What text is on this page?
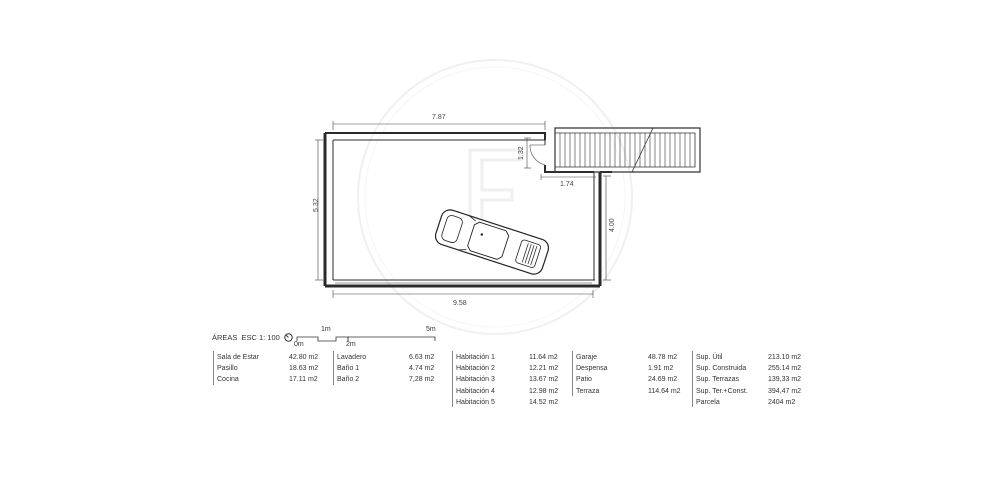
7.87
5.32
9.58
4.00
1.32
1.74
ÁREAS ESC 1: 100
0m
1m
2m
5m
Sala de Estar	42.80 m2
Pasillo	18.63 m2
Cocina	17.11 m2
Lavadero	6.63 m2
Baño 1	4.74 m2
Baño 2	7,28 m2
Habitación 1	11.64 m2
Habitación 2	12.21 m2
Habitación 3	13.67 m2
Habitación 4	12.98 m2
Habitación 5	14.52 m2
Garaje	48.78 m2
Despensa	1.91 m2
Patio	24.69 m2
Terraza	114.64 m2
Sup. Útil	213.10 m2
Sup. Construida	255.14 m2
Sup. Terrazas	139,33 m2
Sup. Ter.+Const.	394,47 m2
Parcela	2404 m2
